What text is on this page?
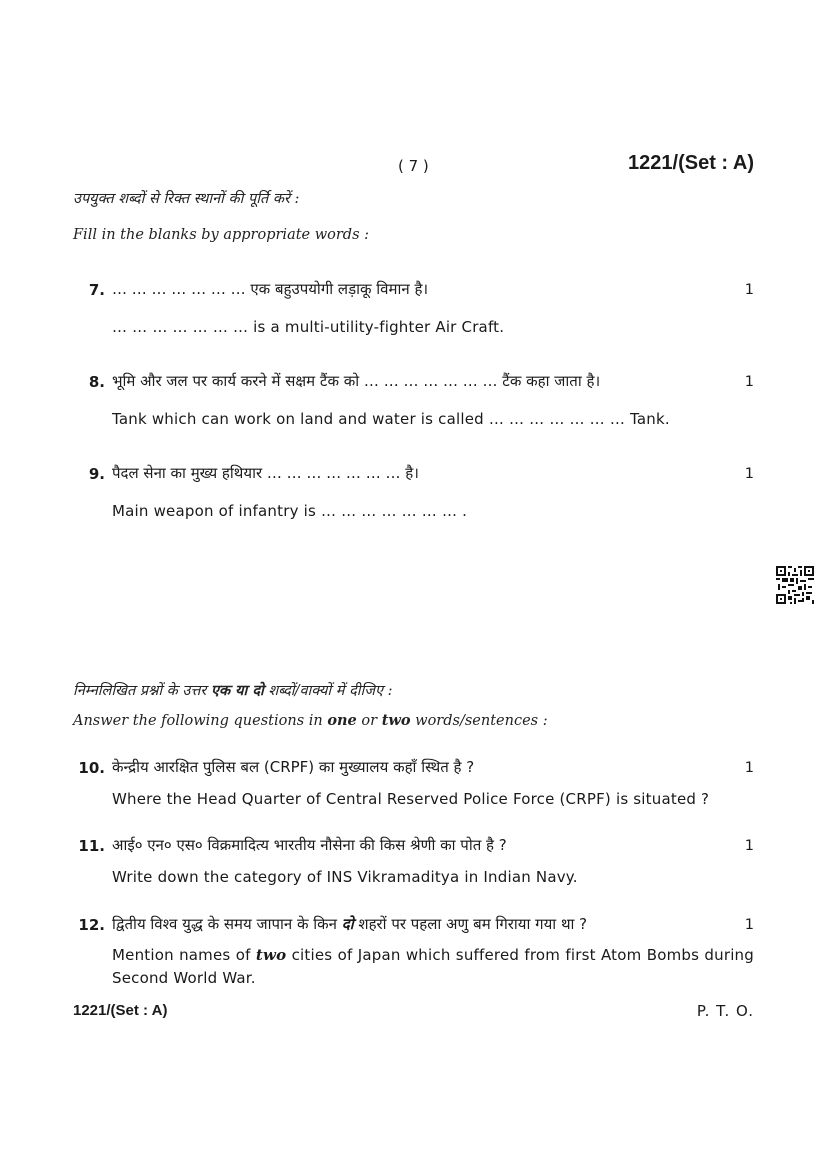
( 7 )	1221/(Set : A)
उपयुक्त शब्दों से रिक्त स्थानों की पूर्ति करें :
Fill in the blanks by appropriate words :
7. … … … … … … … एक बहुउपयोगी लड़ाकू विमान है।	1
… … … … … … … is a multi-utility-fighter Air Craft.
8. भूमि और जल पर कार्य करने में सक्षम टैंक को … … … … … … … टैंक कहा जाता है।	1
Tank which can work on land and water is called … … … … … … … Tank.
9. पैदल सेना का मुख्य हथियार … … … … … … … है।	1
Main weapon of infantry is … … … … … … … .
निम्नलिखित प्रश्नों के उत्तर एक या दो शब्दों/वाक्यों में दीजिए :
Answer the following questions in one or two words/sentences :
10. केन्द्रीय आरक्षित पुलिस बल (CRPF) का मुख्यालय कहाँ स्थित है ?	1
Where the Head Quarter of Central Reserved Police Force (CRPF) is situated ?
11. आई० एन० एस० विक्रमादित्य भारतीय नौसेना की किस श्रेणी का पोत है ?	1
Write down the category of INS Vikramaditya in Indian Navy.
12. द्वितीय विश्व युद्ध के समय जापान के किन दो शहरों पर पहला अणु बम गिराया गया था ?	1
Mention names of two cities of Japan which suffered from first Atom Bombs during Second World War.
1221/(Set : A)	P. T. O.
